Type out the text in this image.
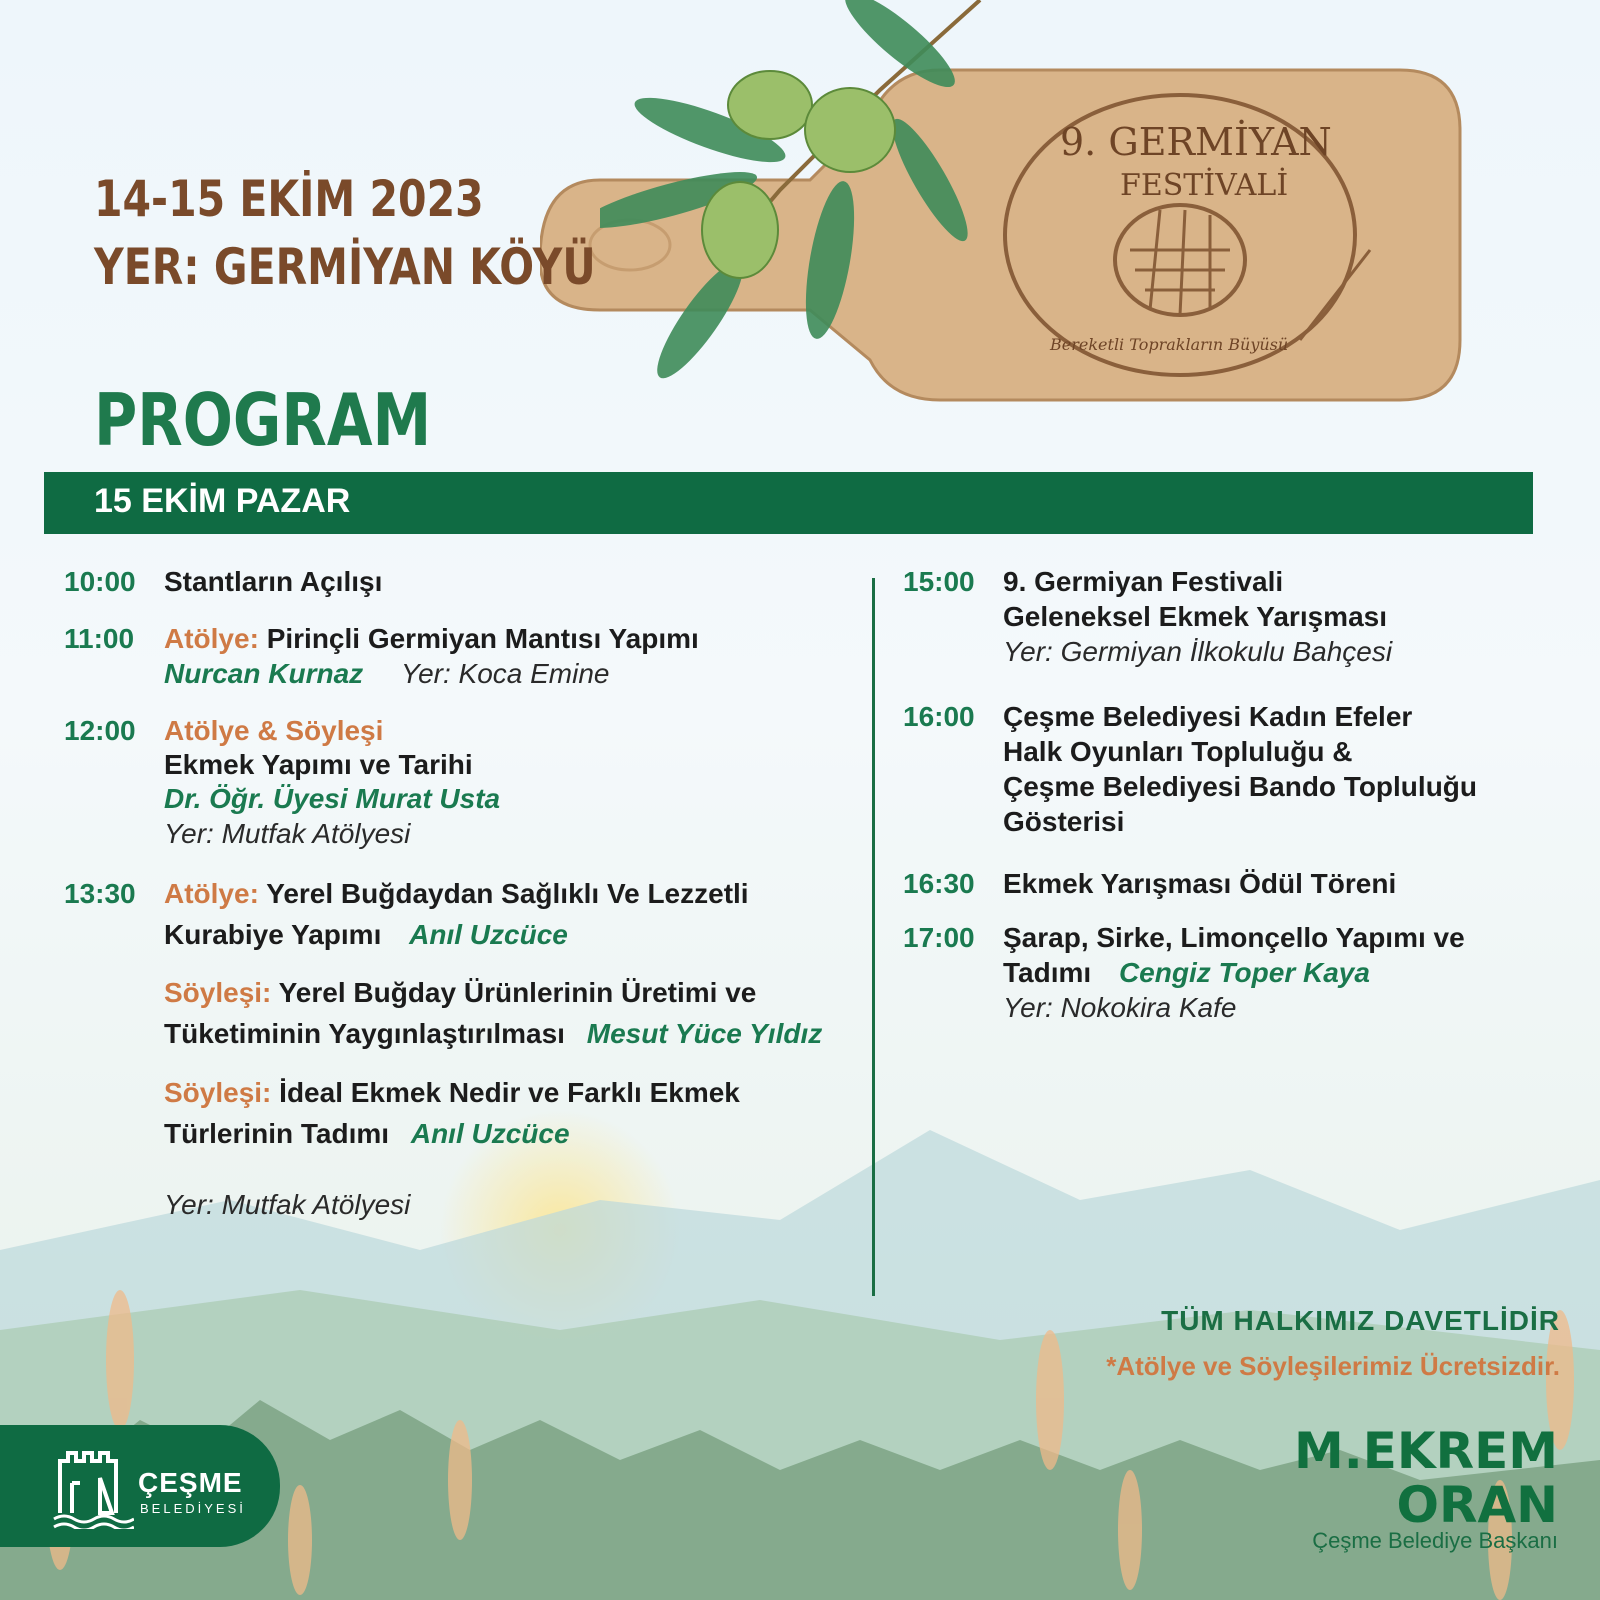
9. GERMİYAN
FESTİVALİ
Bereketli Toprakların Büyüsü
14-15 EKİM 2023
YER: GERMİYAN KÖYÜ
PROGRAM
15 EKİM PAZAR
10:00 Stantların Açılışı
11:00 Atölye: Pirinçli Germiyan Mantısı Yapımı
Nurcan Kurnaz Yer: Koca Emine
12:00 Atölye & Söyleşi
Ekmek Yapımı ve Tarihi
Dr. Öğr. Üyesi Murat Usta
Yer: Mutfak Atölyesi
13:30 Atölye: Yerel Buğdaydan Sağlıklı Ve Lezzetli
Kurabiye Yapımı Anıl Uzcüce
Söyleşi: Yerel Buğday Ürünlerinin Üretimi ve
Tüketiminin Yaygınlaştırılması Mesut Yüce Yıldız
Söyleşi: İdeal Ekmek Nedir ve Farklı Ekmek
Türlerinin Tadımı Anıl Uzcüce
Yer: Mutfak Atölyesi
15:00 9. Germiyan Festivali
Geleneksel Ekmek Yarışması
Yer: Germiyan İlkokulu Bahçesi
16:00 Çeşme Belediyesi Kadın Efeler
Halk Oyunları Topluluğu &
Çeşme Belediyesi Bando Topluluğu
Gösterisi
16:30 Ekmek Yarışması Ödül Töreni
17:00 Şarap, Sirke, Limonçello Yapımı ve
Tadımı Cengiz Toper Kaya
Yer: Nokokira Kafe
TÜM HALKIMIZ DAVETLİDİR
*Atölye ve Söyleşilerimiz Ücretsizdir.
M.EKREM
ORAN
Çeşme Belediye Başkanı
ÇEŞME
BELEDİYESİ
